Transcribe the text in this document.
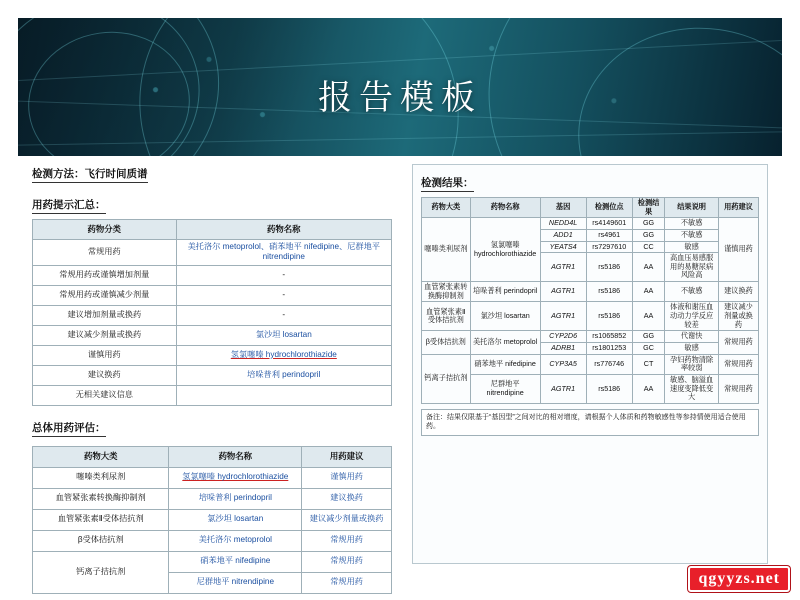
报告模板
检测方法：飞行时间质谱
用药提示汇总：
药物分类	药物名称
常规用药	美托洛尔 metoprolol、硝苯地平 nifedipine、尼群地平 nitrendipine
常规用药或谨慎增加剂量	-
常规用药或谨慎减少剂量	-
建议增加剂量或换药	-
建议减少剂量或换药	氯沙坦 losartan
谨慎用药	氢氯噻嗪 hydrochlorothiazide
建议换药	培哚普利 perindopril
无相关建议信息	
总体用药评估：
药物大类	药物名称	用药建议
噻嗪类利尿剂	氢氯噻嗪 hydrochlorothiazide	谨慎用药
血管紧张素转换酶抑制剂	培哚普利 perindopril	建议换药
血管紧张素Ⅱ受体拮抗剂	氯沙坦 losartan	建议减少剂量或换药
β受体拮抗剂	美托洛尔 metoprolol	常规用药
钙离子拮抗剂	硝苯地平 nifedipine	常规用药
	尼群地平 nitrendipine	常规用药
检测结果：
药物大类	药物名称	基因	检测位点	检测结果	结果说明	用药建议
噻嗪类利尿剂	氢氯噻嗪 hydrochlorothiazide	NEDD4L	rs4149601	GG	不敏感	谨慎用药
		ADD1	rs4961	GG	不敏感	
		YEATS4	rs7297610	CC	敏感	
		AGTR1	rs5186	AA	高血压易感服用的易糖尿病风险高	
血管紧张素转换酶抑制剂	培哚普利 perindopril	AGTR1	rs5186	AA	不敏感	建议换药
血管紧张素Ⅱ受体拮抗剂	氯沙坦 losartan	AGTR1	rs5186	AA	体液和谢压血动动力学反应较差	建议减少剂量或换药
β受体拮抗剂	美托洛尔 metoprolol	CYP2D6	rs1065852	GG	代谢快	常规用药
		ADRB1	rs1801253	GC	敏感	
钙离子拮抗剂	硝苯地平 nifedipine	CYP3A5	rs776746	CT	孕妇药物清除率较弱	常规用药
	尼群地平 nitrendipine	AGTR1	rs5186	AA	敏感、脑溢血速度变降低变大	常规用药
备注：结果仅限基于“基因型”之间对比的相对增度，请根据个人体质和药物敏感性等参持情使用适合使用药。
qgyyzs.net
